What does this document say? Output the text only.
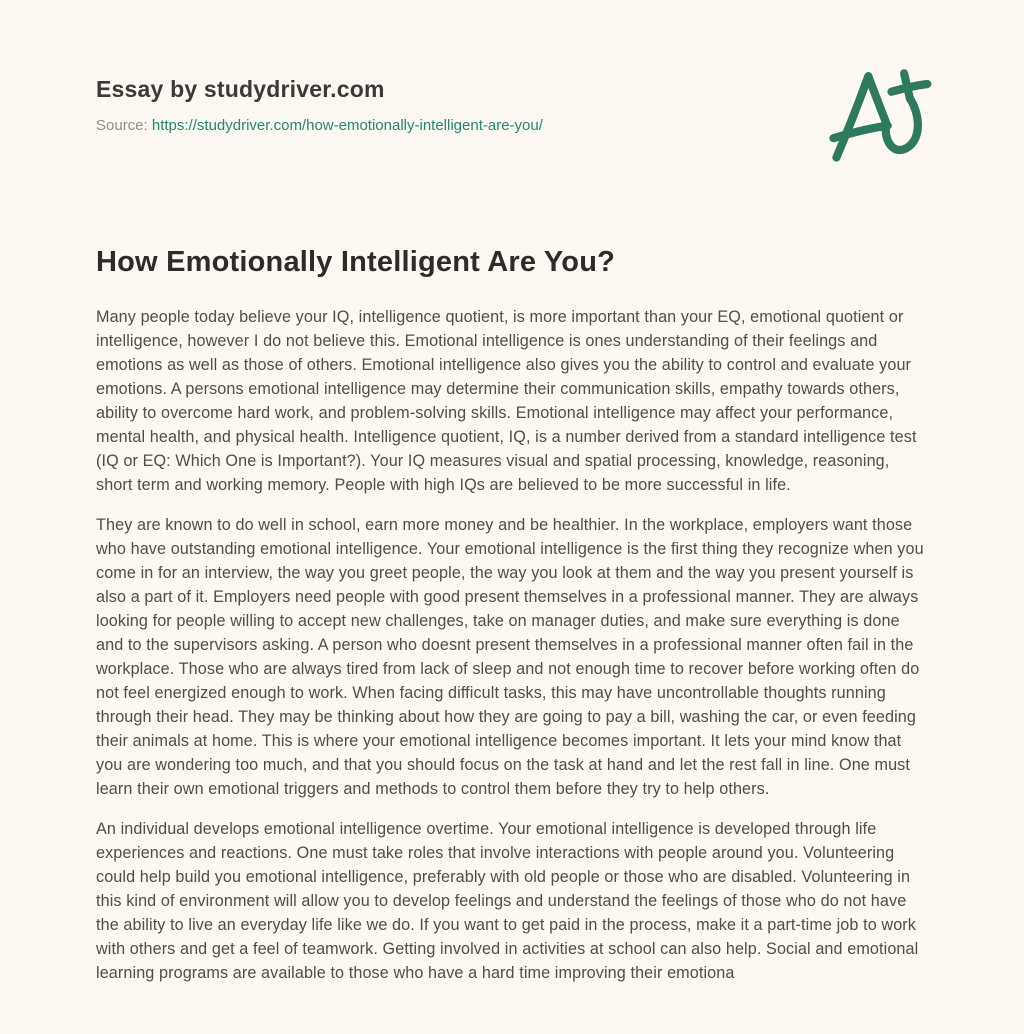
Essay by studydriver.com
Source: https://studydriver.com/how-emotionally-intelligent-are-you/
How Emotionally Intelligent Are You?

Many people today believe your IQ, intelligence quotient, is more important than your EQ, emotional quotient or intelligence, however I do not believe this. Emotional intelligence is ones understanding of their feelings and emotions as well as those of others. Emotional intelligence also gives you the ability to control and evaluate your emotions. A persons emotional intelligence may determine their communication skills, empathy towards others, ability to overcome hard work, and problem-solving skills. Emotional intelligence may affect your performance, mental health, and physical health. Intelligence quotient, IQ, is a number derived from a standard intelligence test (IQ or EQ: Which One is Important?). Your IQ measures visual and spatial processing, knowledge, reasoning, short term and working memory. People with high IQs are believed to be more successful in life.

They are known to do well in school, earn more money and be healthier. In the workplace, employers want those who have outstanding emotional intelligence. Your emotional intelligence is the first thing they recognize when you come in for an interview, the way you greet people, the way you look at them and the way you present yourself is also a part of it. Employers need people with good present themselves in a professional manner. They are always looking for people willing to accept new challenges, take on manager duties, and make sure everything is done and to the supervisors asking. A person who doesnt present themselves in a professional manner often fail in the workplace. Those who are always tired from lack of sleep and not enough time to recover before working often do not feel energized enough to work. When facing difficult tasks, this may have uncontrollable thoughts running through their head. They may be thinking about how they are going to pay a bill, washing the car, or even feeding their animals at home. This is where your emotional intelligence becomes important. It lets your mind know that you are wondering too much, and that you should focus on the task at hand and let the rest fall in line. One must learn their own emotional triggers and methods to control them before they try to help others.

An individual develops emotional intelligence overtime. Your emotional intelligence is developed through life experiences and reactions. One must take roles that involve interactions with people around you. Volunteering could help build you emotional intelligence, preferably with old people or those who are disabled. Volunteering in this kind of environment will allow you to develop feelings and understand the feelings of those who do not have the ability to live an everyday life like we do. If you want to get paid in the process, make it a part-time job to work with others and get a feel of teamwork. Getting involved in activities at school can also help. Social and emotional learning programs are available to those who have a hard time improving their emotiona
